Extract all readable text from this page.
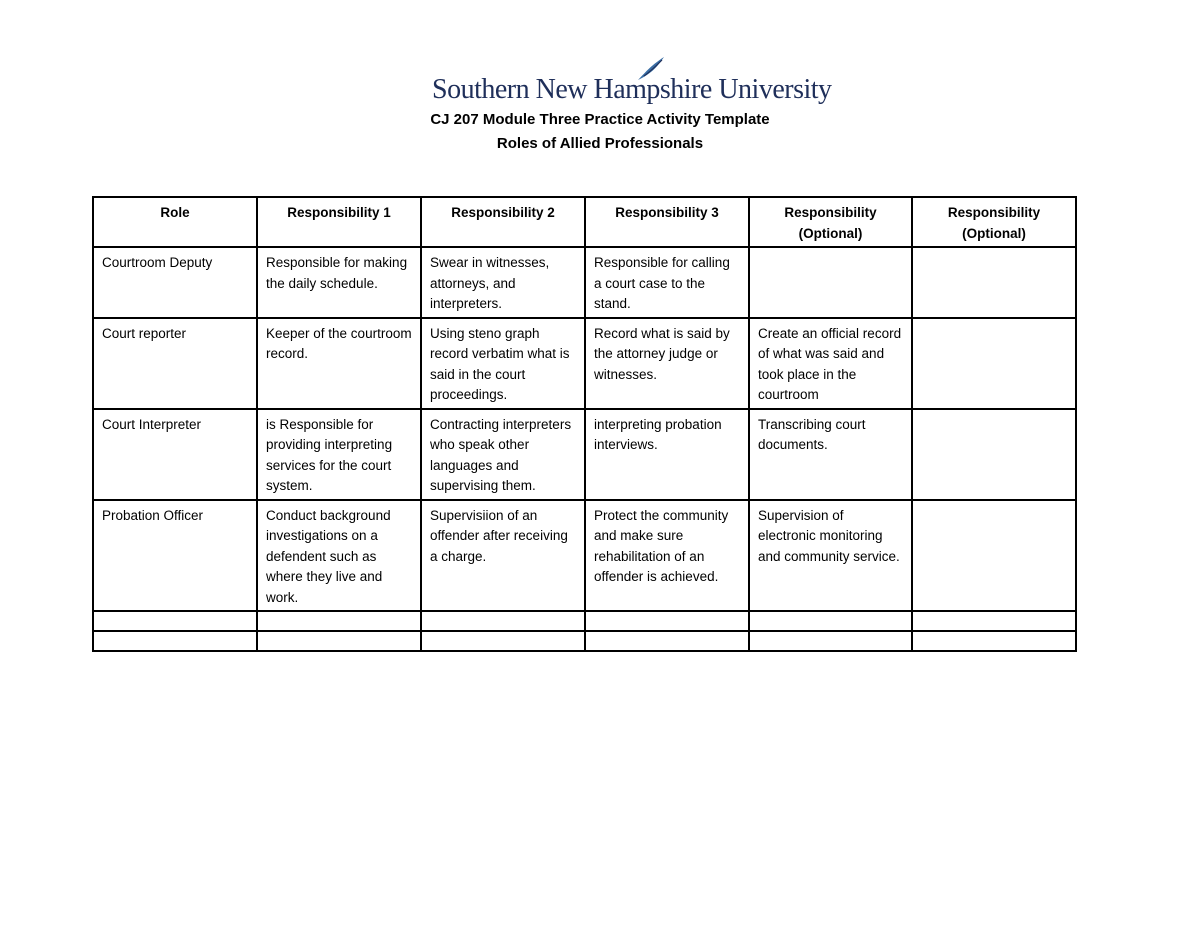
Southern New Hampshire University
CJ 207 Module Three Practice Activity Template
Roles of Allied Professionals
Role	Responsibility 1	Responsibility 2	Responsibility 3	Responsibility (Optional)	Responsibility (Optional)
Courtroom Deputy	Responsible for making the daily schedule.	Swear in witnesses, attorneys, and interpreters.	Responsible for calling a court case to the stand.		
Court reporter	Keeper of the courtroom record.	Using steno graph record verbatim what is said in the court proceedings.	Record what is said by the attorney judge or witnesses.	Create an official record of what was said and took place in the courtroom	
Court Interpreter	is Responsible for providing interpreting services for the court system.	Contracting interpreters who speak other languages and supervising them.	interpreting probation interviews.	Transcribing court documents.	
Probation Officer	Conduct background investigations on a defendent such as where they live and work.	Supervisiion of an offender after receiving a charge.	Protect the community and make sure rehabilitation of an offender is achieved.	Supervision of electronic monitoring and community service.	
